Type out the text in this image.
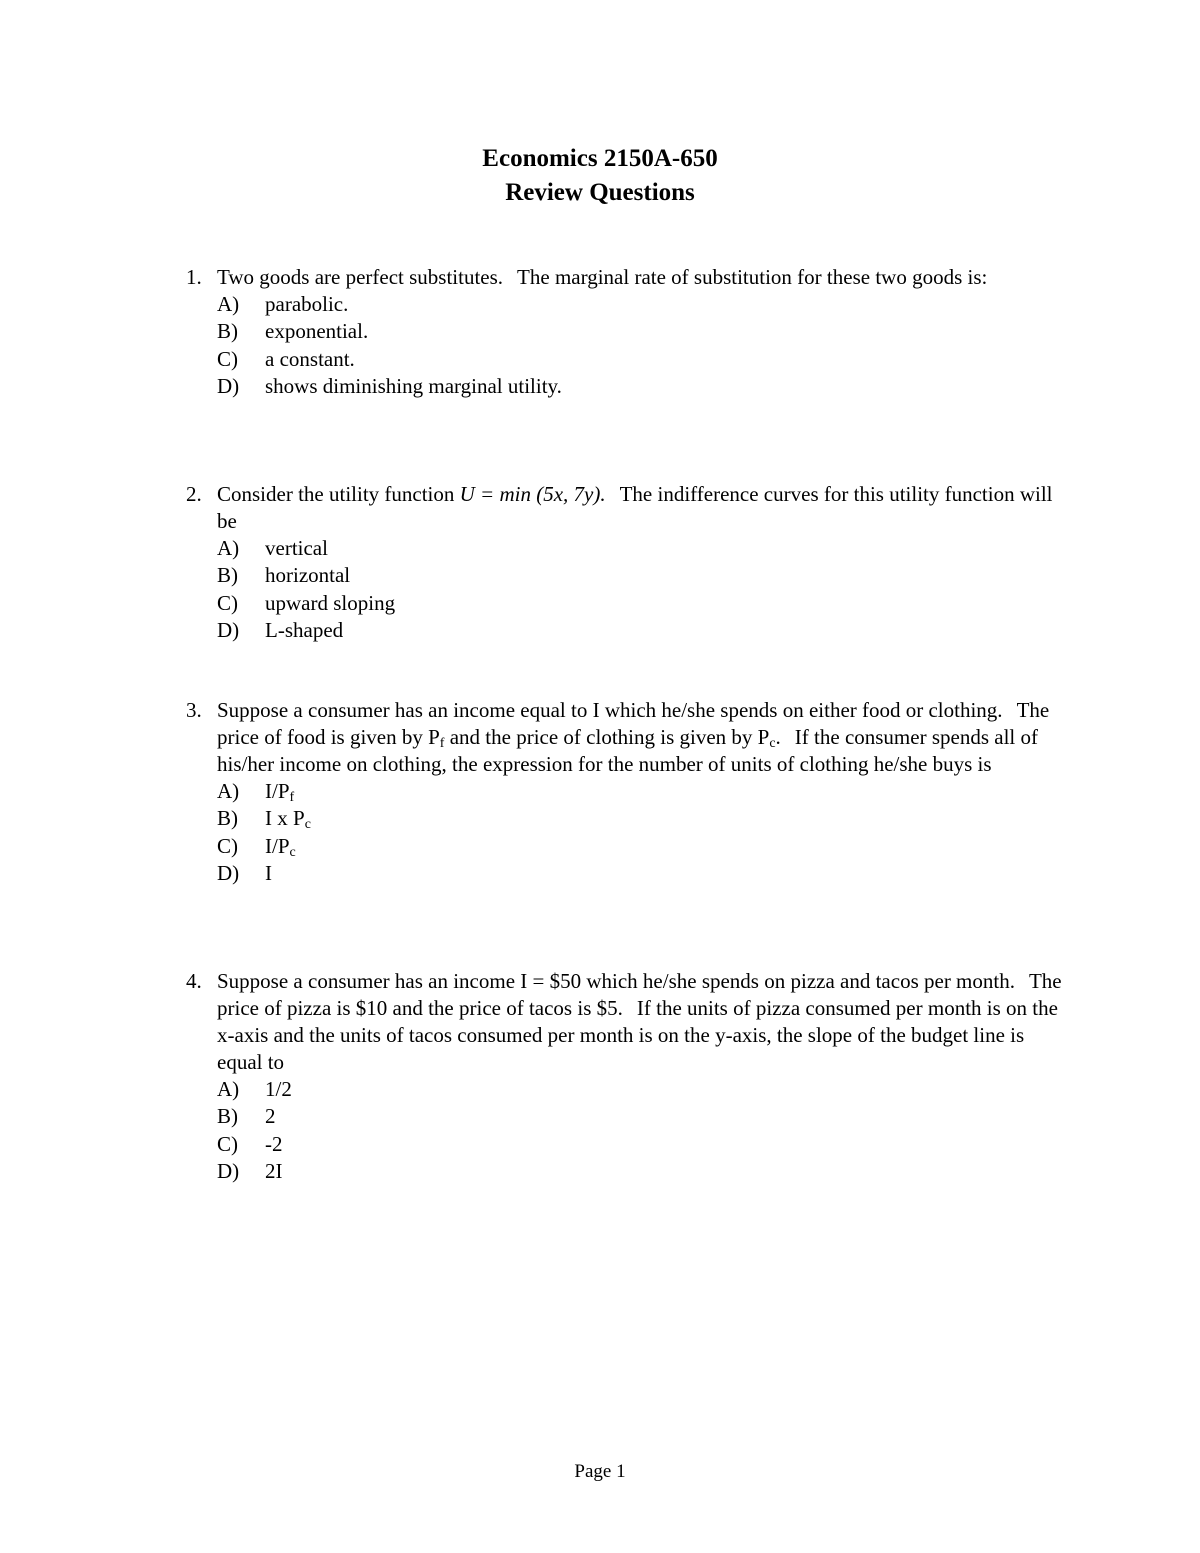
Economics 2150A-650
Review Questions
1. Two goods are perfect substitutes. The marginal rate of substitution for these two goods is:
A)	parabolic.
B)	exponential.
C)	a constant.
D)	shows diminishing marginal utility.
2. Consider the utility function U = min (5x, 7y). The indifference curves for this utility function will be
A)	vertical
B)	horizontal
C)	upward sloping
D)	L-shaped
3. Suppose a consumer has an income equal to I which he/she spends on either food or clothing. The price of food is given by $P_f$ and the price of clothing is given by $P_c$. If the consumer spends all of his/her income on clothing, the expression for the number of units of clothing he/she buys is
A)	$I/P_f$
B)	I x $P_c$
C)	$I/P_c$
D)	I
4. Suppose a consumer has an income I = $50 which he/she spends on pizza and tacos per month. The price of pizza is $10 and the price of tacos is $5. If the units of pizza consumed per month is on the x-axis and the units of tacos consumed per month is on the y-axis, the slope of the budget line is equal to
A)	1/2
B)	2
C)	-2
D)	2I
Page 1
